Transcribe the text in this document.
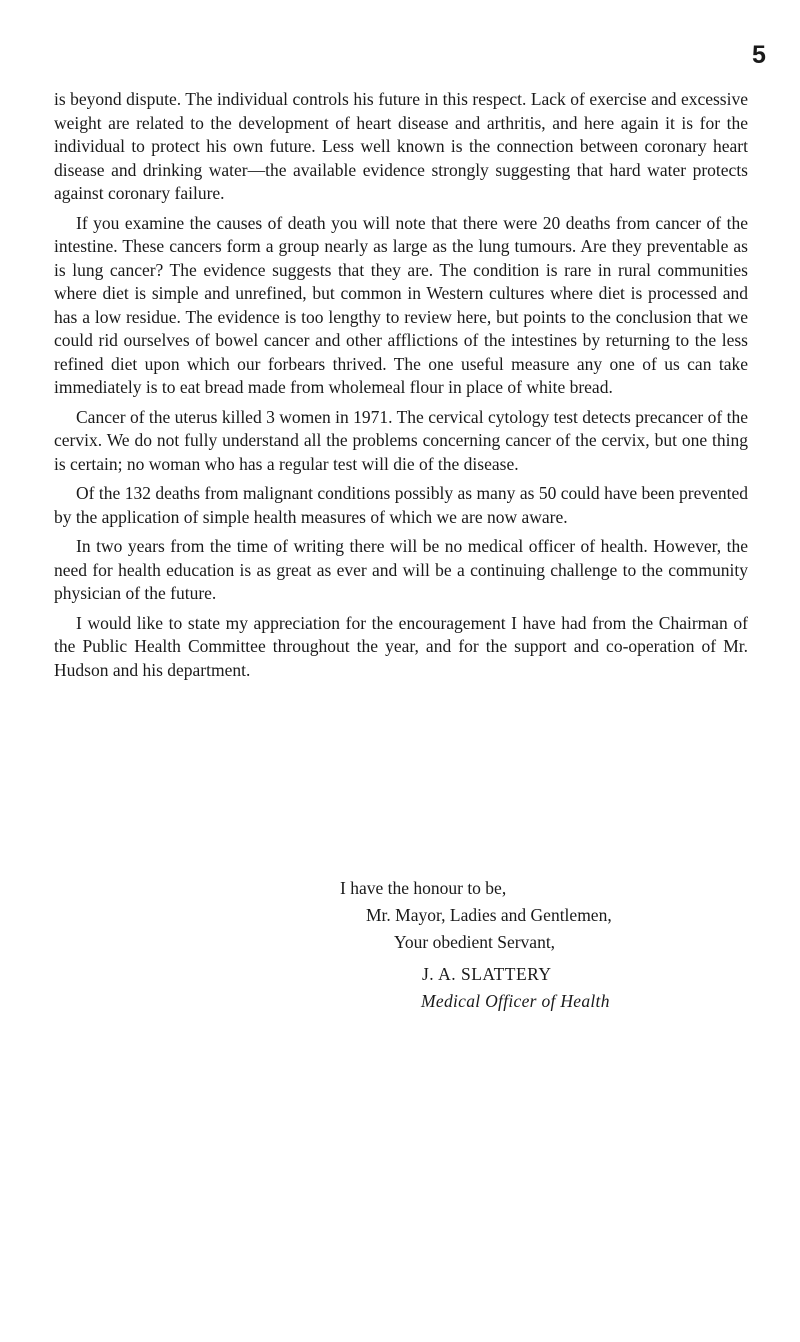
5

is beyond dispute. The individual controls his future in this respect. Lack of exercise and excessive weight are related to the development of heart disease and arthritis, and here again it is for the individual to protect his own future. Less well known is the connection between coronary heart disease and drinking water—the available evidence strongly suggesting that hard water protects against coronary failure.

If you examine the causes of death you will note that there were 20 deaths from cancer of the intestine. These cancers form a group nearly as large as the lung tumours. Are they preventable as is lung cancer? The evidence suggests that they are. The condition is rare in rural communities where diet is simple and unrefined, but common in Western cultures where diet is processed and has a low residue. The evidence is too lengthy to review here, but points to the conclusion that we could rid ourselves of bowel cancer and other afflictions of the intestines by returning to the less refined diet upon which our forbears thrived. The one useful measure any one of us can take immediately is to eat bread made from wholemeal flour in place of white bread.

Cancer of the uterus killed 3 women in 1971. The cervical cytology test detects precancer of the cervix. We do not fully understand all the problems concerning cancer of the cervix, but one thing is certain; no woman who has a regular test will die of the disease.

Of the 132 deaths from malignant conditions possibly as many as 50 could have been prevented by the application of simple health measures of which we are now aware.

In two years from the time of writing there will be no medical officer of health. However, the need for health education is as great as ever and will be a continuing challenge to the community physician of the future.

I would like to state my appreciation for the encouragement I have had from the Chairman of the Public Health Committee throughout the year, and for the support and co-operation of Mr. Hudson and his department.

I have the honour to be,
Mr. Mayor, Ladies and Gentlemen,
Your obedient Servant,
J. A. SLATTERY
Medical Officer of Health
